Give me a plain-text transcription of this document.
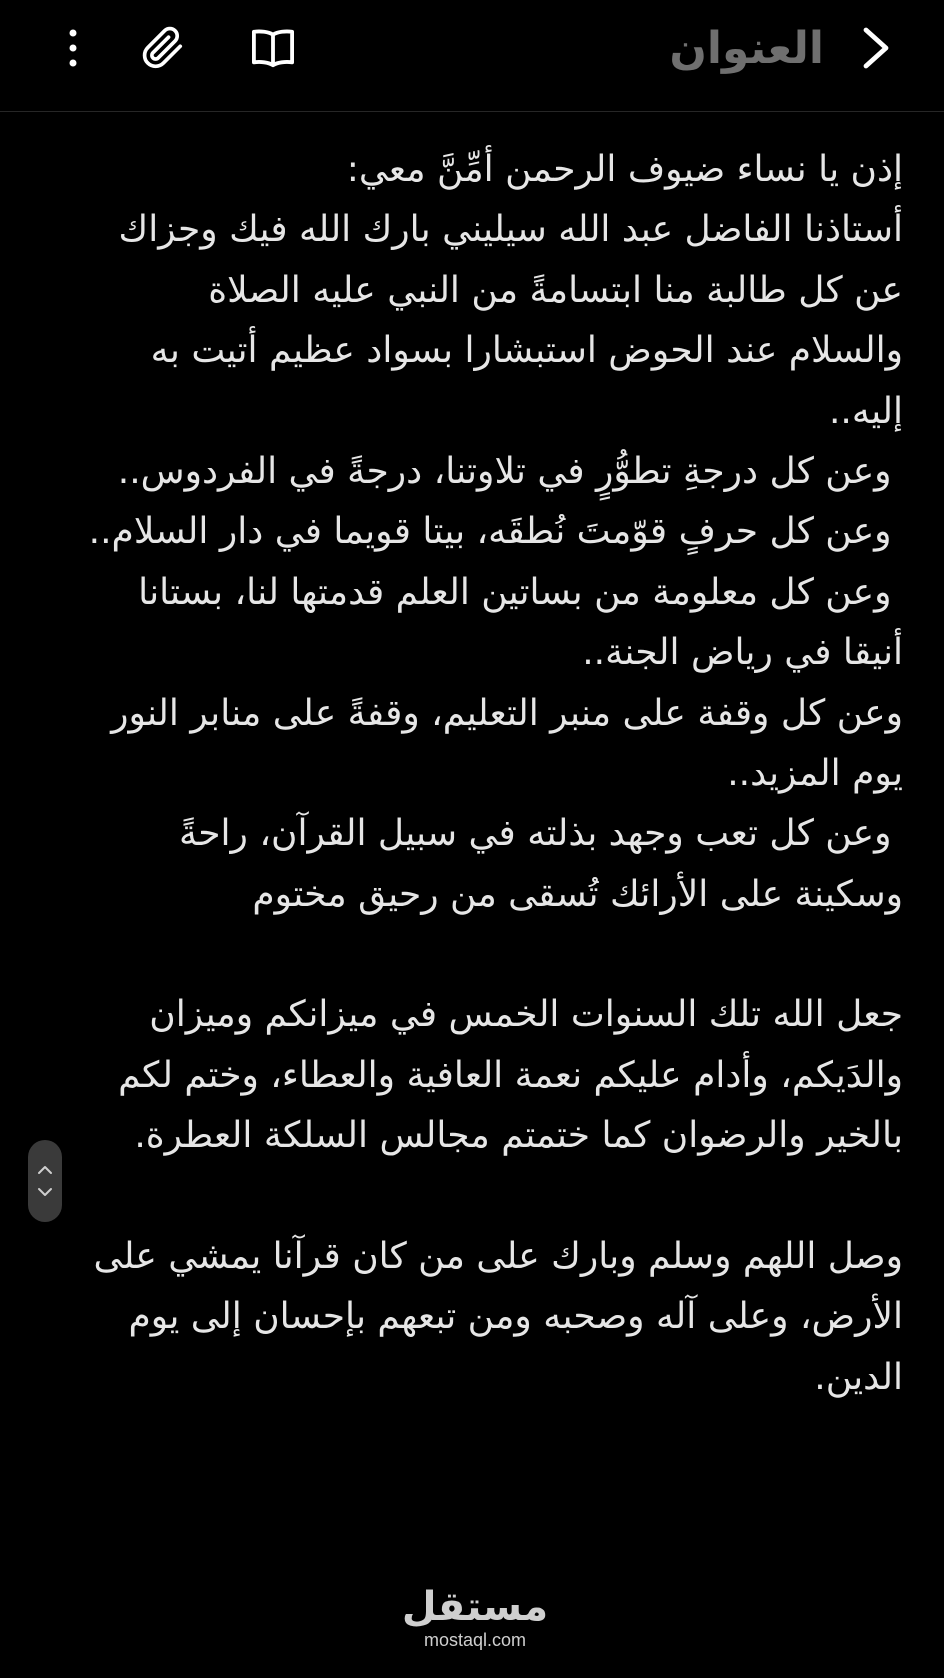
العنوان
إذن يا نساء ضيوف الرحمن أمِّنَّ معي:
أستاذنا الفاضل عبد الله سيليني بارك الله فيك وجزاك
عن كل طالبة منا ابتسامةً من النبي عليه الصلاة
والسلام عند الحوض استبشارا بسواد عظيم أتيت به
إليه..
وعن كل درجةِ تطوُّرٍ في تلاوتنا، درجةً في الفردوس..
وعن كل حرفٍ قوّمتَ نُطقَه، بيتا قويما في دار السلام..
وعن كل معلومة من بساتين العلم قدمتها لنا، بستانا
أنيقا في رياض الجنة..
وعن كل وقفة على منبر التعليم، وقفةً على منابر النور
يوم المزيد..
وعن كل تعب وجهد بذلته في سبيل القرآن، راحةً
وسكينة على الأرائك تُسقى من رحيق مختوم
جعل الله تلك السنوات الخمس في ميزانكم وميزان
والدَيكم، وأدام عليكم نعمة العافية والعطاء، وختم لكم
بالخير والرضوان كما ختمتم مجالس السلكة العطرة.
وصل اللهم وسلم وبارك على من كان قرآنا يمشي على
الأرض، وعلى آله وصحبه ومن تبعهم بإحسان إلى يوم
الدين.
مستقل
mostaql.com
